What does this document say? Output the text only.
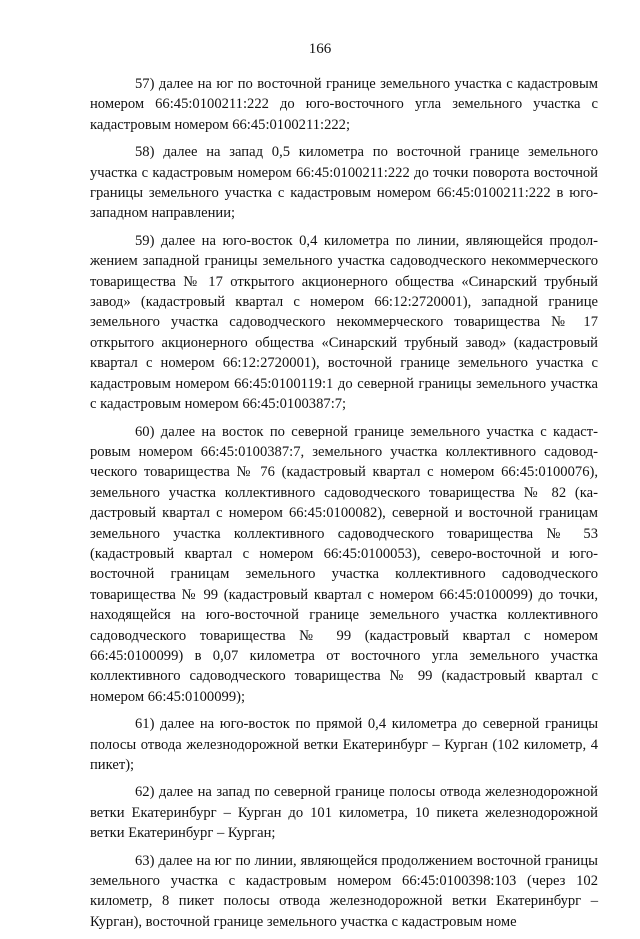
166

57) далее на юг по восточной границе земельного участка с кадастровым номером 66:45:0100211:222 до юго-восточного угла земельного участка с кадастровым номером 66:45:0100211:222;

58) далее на запад 0,5 километра по восточной границе земельного участка с кадастровым номером 66:45:0100211:222 до точки поворота восточной границы земельного участка с кадастровым номером 66:45:0100211:222 в юго-западном направлении;

59) далее на юго-восток 0,4 километра по линии, являющейся продолжением западной границы земельного участка садоводческого некоммерческого товарищества № 17 открытого акционерного общества «Синарский трубный завод» (кадастровый квартал с номером 66:12:2720001), западной границе земельного участка садоводческого некоммерческого товарищества № 17 открытого акционерного общества «Синарский трубный завод» (кадастровый квартал с номером 66:12:2720001), восточной границе земельного участка с кадастровым номером 66:45:0100119:1 до северной границы земельного участка с кадастровым номером 66:45:0100387:7;

60) далее на восток по северной границе земельного участка с кадастровым номером 66:45:0100387:7, земельного участка коллективного садоводческого товарищества № 76 (кадастровый квартал с номером 66:45:0100076), земельного участка коллективного садоводческого товарищества № 82 (кадастровый квартал с номером 66:45:0100082), северной и восточной границам земельного участка коллективного садоводческого товарищества № 53 (кадастровый квартал с номером 66:45:0100053), северо-восточной и юговосточной границам земельного участка коллективного садоводческого товарищества № 99 (кадастровый квартал с номером 66:45:0100099) до точки, находящейся на юго-восточной границе земельного участка коллективного садоводческого товарищества № 99 (кадастровый квартал с номером 66:45:0100099) в 0,07 километра от восточного угла земельного участка коллективного садоводческого товарищества № 99 (кадастровый квартал с номером 66:45:0100099);

61) далее на юго-восток по прямой 0,4 километра до северной границы полосы отвода железнодорожной ветки Екатеринбург – Курган (102 километр, 4 пикет);

62) далее на запад по северной границе полосы отвода железнодорожной ветки Екатеринбург – Курган до 101 километра, 10 пикета железнодорожной ветки Екатеринбург – Курган;

63) далее на юг по линии, являющейся продолжением восточной границы земельного участка с кадастровым номером 66:45:0100398:103 (через 102 километр, 8 пикет полосы отвода железнодорожной ветки Екатеринбург – Курган), восточной границе земельного участка с кадастровым номе
